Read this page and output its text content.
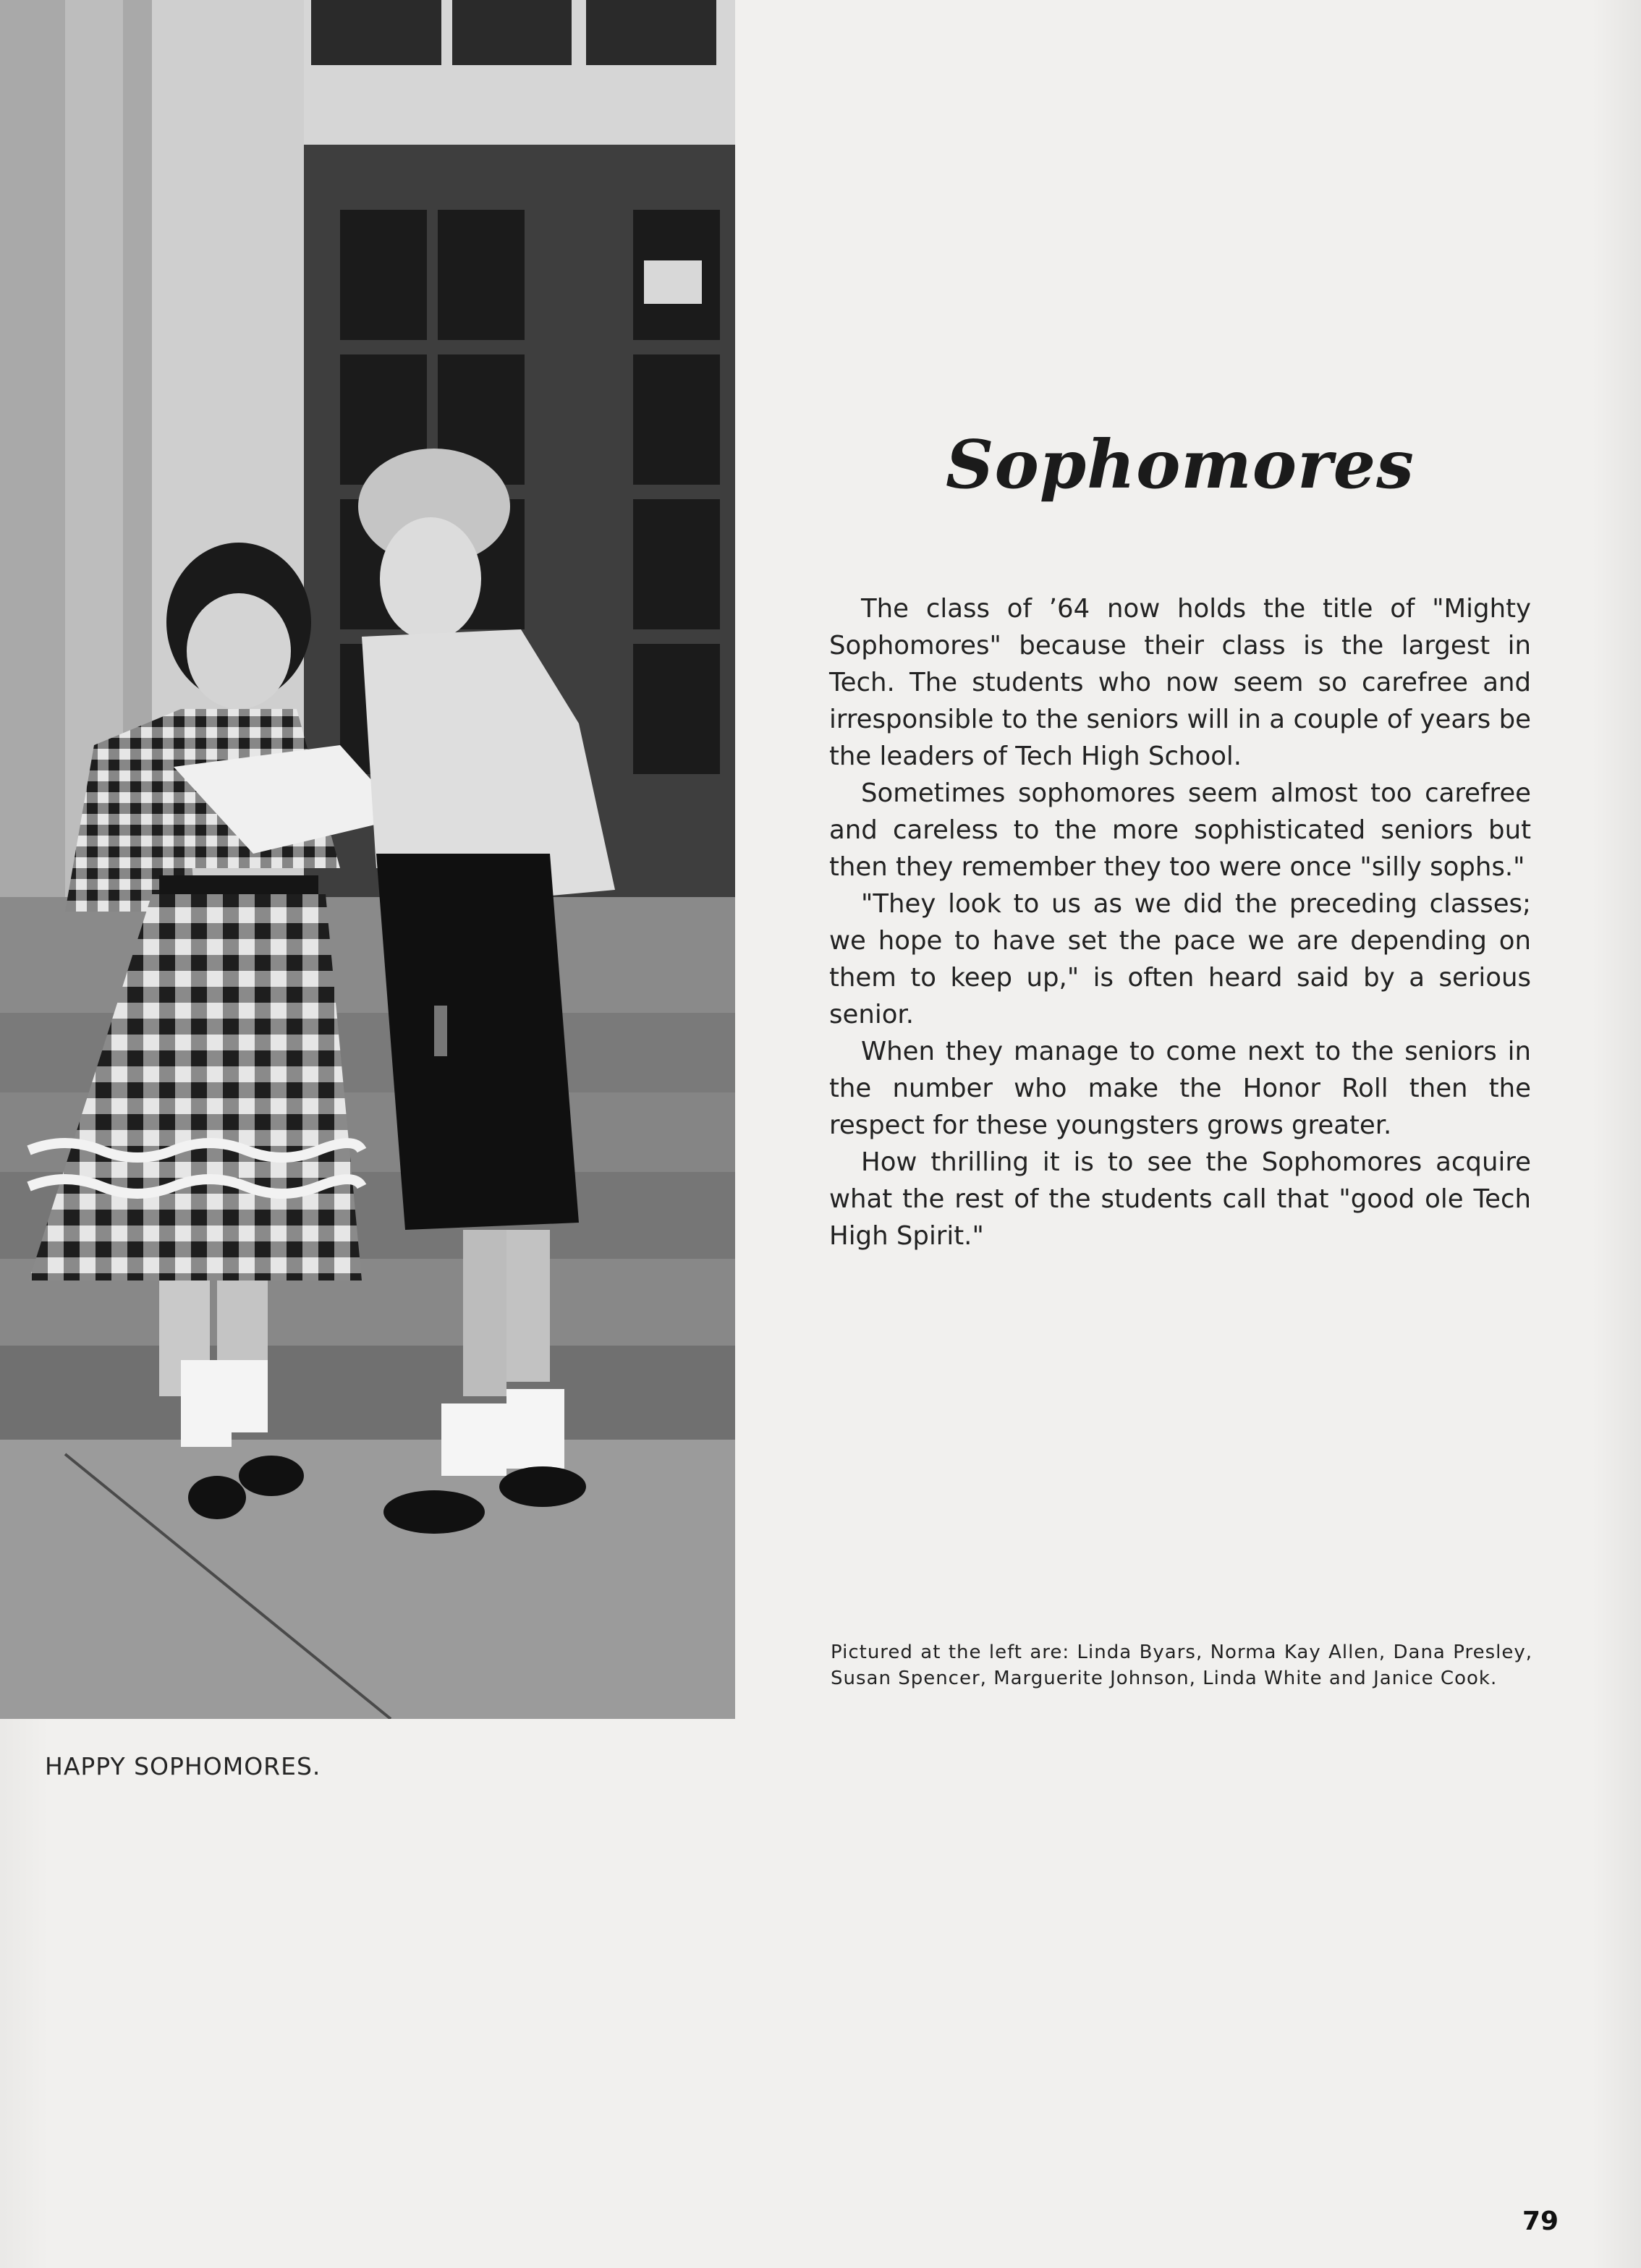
Sophomores

The class of ’64 now holds the title of "Mighty Sophomores" because their class is the largest in Tech. The students who now seem so carefree and irresponsible to the seniors will in a couple of years be the leaders of Tech High School.

Sometimes sophomores seem almost too carefree and careless to the more sophisticated seniors but then they remember they too were once "silly sophs."

"They look to us as we did the preceding classes; we hope to have set the pace we are depending on them to keep up," is often heard said by a serious senior.

When they manage to come next to the seniors in the number who make the Honor Roll then the respect for these youngsters grows greater.

How thrilling it is to see the Sophomores acquire what the rest of the students call that "good ole Tech High Spirit."

Pictured at the left are: Linda Byars, Norma Kay Allen, Dana Presley, Susan Spencer, Marguerite Johnson, Linda White and Janice Cook.

HAPPY SOPHOMORES.

79
